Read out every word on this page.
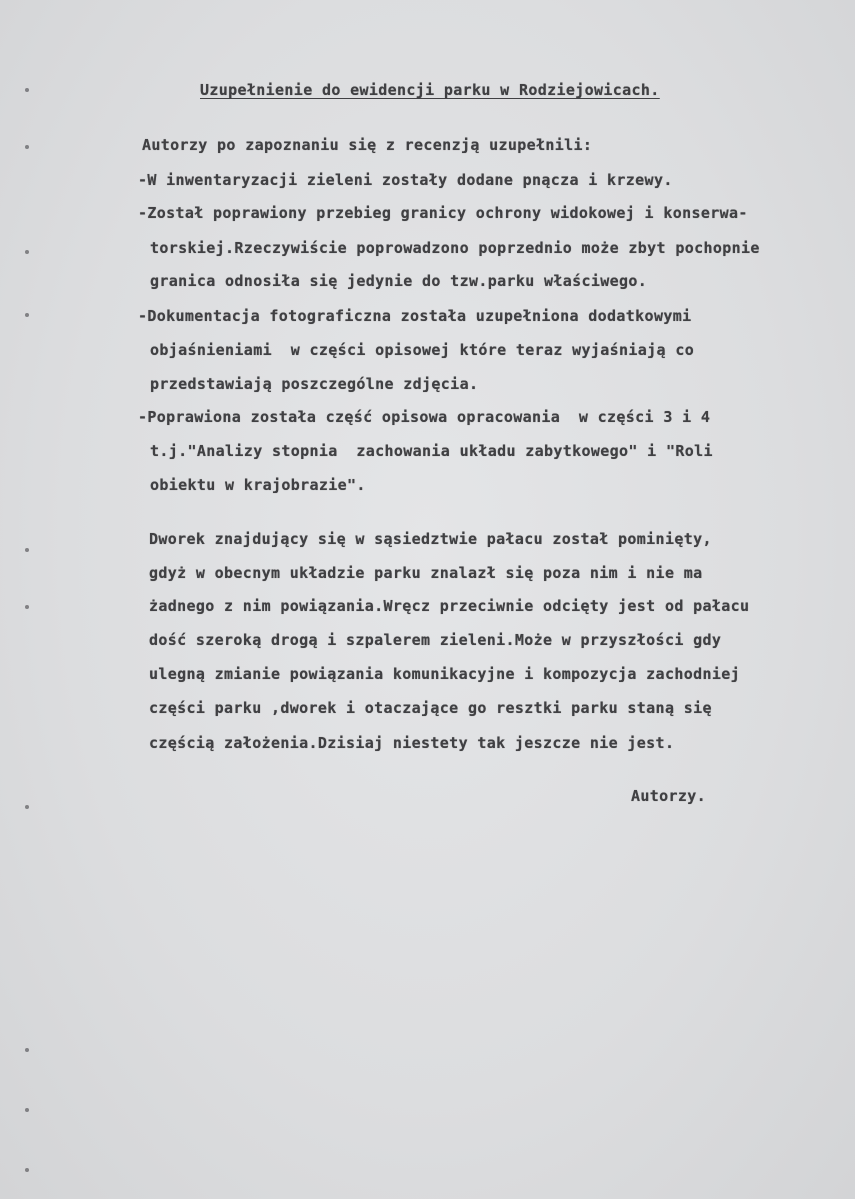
Uzupełnienie do ewidencji parku w Rodziejowicach.
Autorzy po zapoznaniu się z recenzją uzupełnili:
-W inwentaryzacji zieleni zostały dodane pnącza i krzewy.
-Został poprawiony przebieg granicy ochrony widokowej i konserwa-
torskiej.Rzeczywiście poprowadzono poprzednio może zbyt pochopnie
granica odnosiła się jedynie do tzw.parku właściwego.
-Dokumentacja fotograficzna została uzupełniona dodatkowymi
objaśnieniami  w części opisowej które teraz wyjaśniają co
przedstawiają poszczególne zdjęcia.
-Poprawiona została część opisowa opracowania  w części 3 i 4
t.j."Analizy stopnia  zachowania układu zabytkowego" i "Roli
obiektu w krajobrazie".
Dworek znajdujący się w sąsiedztwie pałacu został pominięty,
gdyż w obecnym układzie parku znalazł się poza nim i nie ma
żadnego z nim powiązania.Wręcz przeciwnie odcięty jest od pałacu
dość szeroką drogą i szpalerem zieleni.Może w przyszłości gdy
ulegną zmianie powiązania komunikacyjne i kompozycja zachodniej
części parku ,dworek i otaczające go resztki parku staną się
częścią założenia.Dzisiaj niestety tak jeszcze nie jest.
Autorzy.
